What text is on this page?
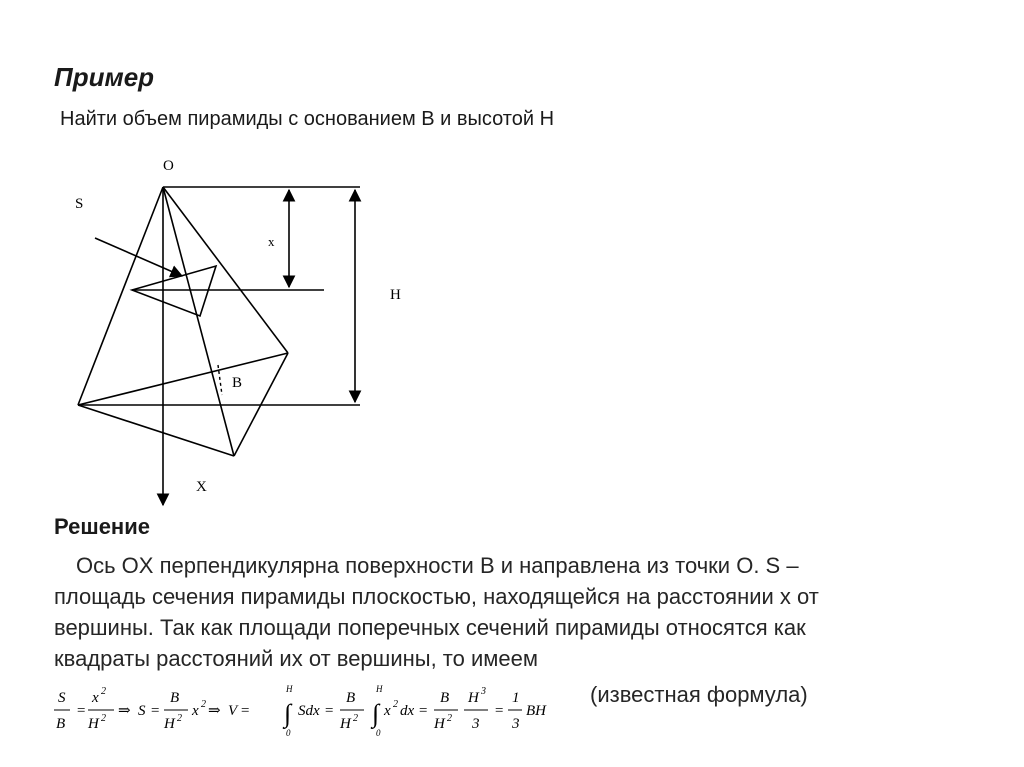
Пример
Найти объем пирамиды с основанием B и высотой H
O
S
x
H
B
X
Решение
Ось ОX перпендикулярна поверхности B и направлена из точки O. S –
площадь сечения пирамиды плоскостью, находящейся на расстоянии x от
вершины. Так как площади поперечных сечений пирамиды относятся как
квадраты расстояний их от вершины, то имеем
S
B
=
x 2
H 2 ⇒ S =
B
H 2 x 2 ⇒ V =
H
∫
0
Sdx =
B
H 2
H
∫
0
x 2 dx =
B
H 2
H 3
3
=
1
3
BH
(известная формула)
